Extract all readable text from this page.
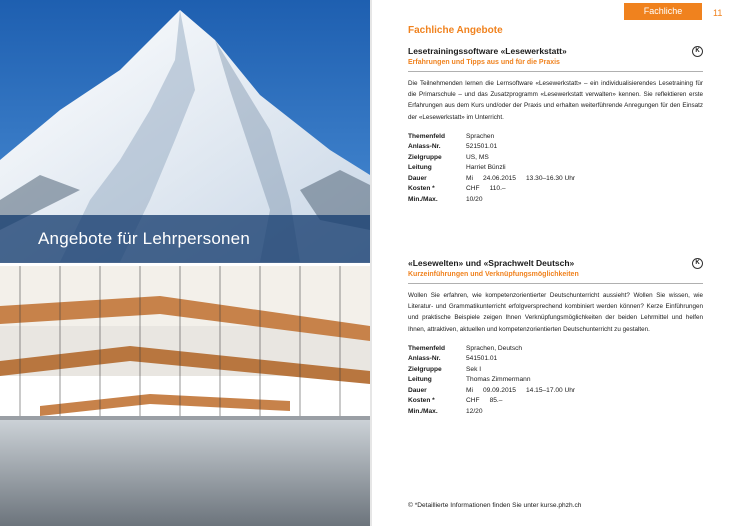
Angebote für Lehrpersonen
Fachliche Angebote
11
Fachliche Angebote
K
Lesetrainingssoftware «Lesewerkstatt»
Erfahrungen und Tipps aus und für die Praxis
Die Teilnehmenden lernen die Lernsoftware «Lesewerkstatt» – ein individualisierendes Lesetraining für die Primarschule – und das Zusatzprogramm «Lesewerkstatt verwalten» kennen. Sie reflektieren erste Erfahrungen aus dem Kurs und/oder der Praxis und erhalten weiterführende Anregungen für den Einsatz der «Lesewerkstatt» im Unterricht.
Themenfeld	Sprachen
Anlass-Nr.	521501.01
Zielgruppe	US, MS
Leitung	Harriet Bünzli
Dauer	Mi 24.06.2015 13.30–16.30 Uhr
Kosten *	CHF 110.–
Min./Max.	10/20
K
«Lesewelten» und «Sprachwelt Deutsch»
Kurzeinführungen und Verknüpfungsmöglichkeiten
Wollen Sie erfahren, wie kompetenzorientierter Deutschunterricht aussieht? Wollen Sie wissen, wie Literatur- und Grammatikunterricht erfolgversprechend kombiniert werden können? Kerze Einführungen und praktische Beispiele zeigen Ihnen Verknüpfungsmöglichkeiten der beiden Lehrmittel und helfen Ihnen, attraktiven, aktuellen und kompetenzorientierten Deutschunterricht zu gestalten.
Themenfeld	Sprachen, Deutsch
Anlass-Nr.	541501.01
Zielgruppe	Sek I
Leitung	Thomas Zimmermann
Dauer	Mi 09.09.2015 14.15–17.00 Uhr
Kosten *	CHF 85.–
Min./Max.	12/20
© *Detaillierte Informationen finden Sie unter kurse.phzh.ch
